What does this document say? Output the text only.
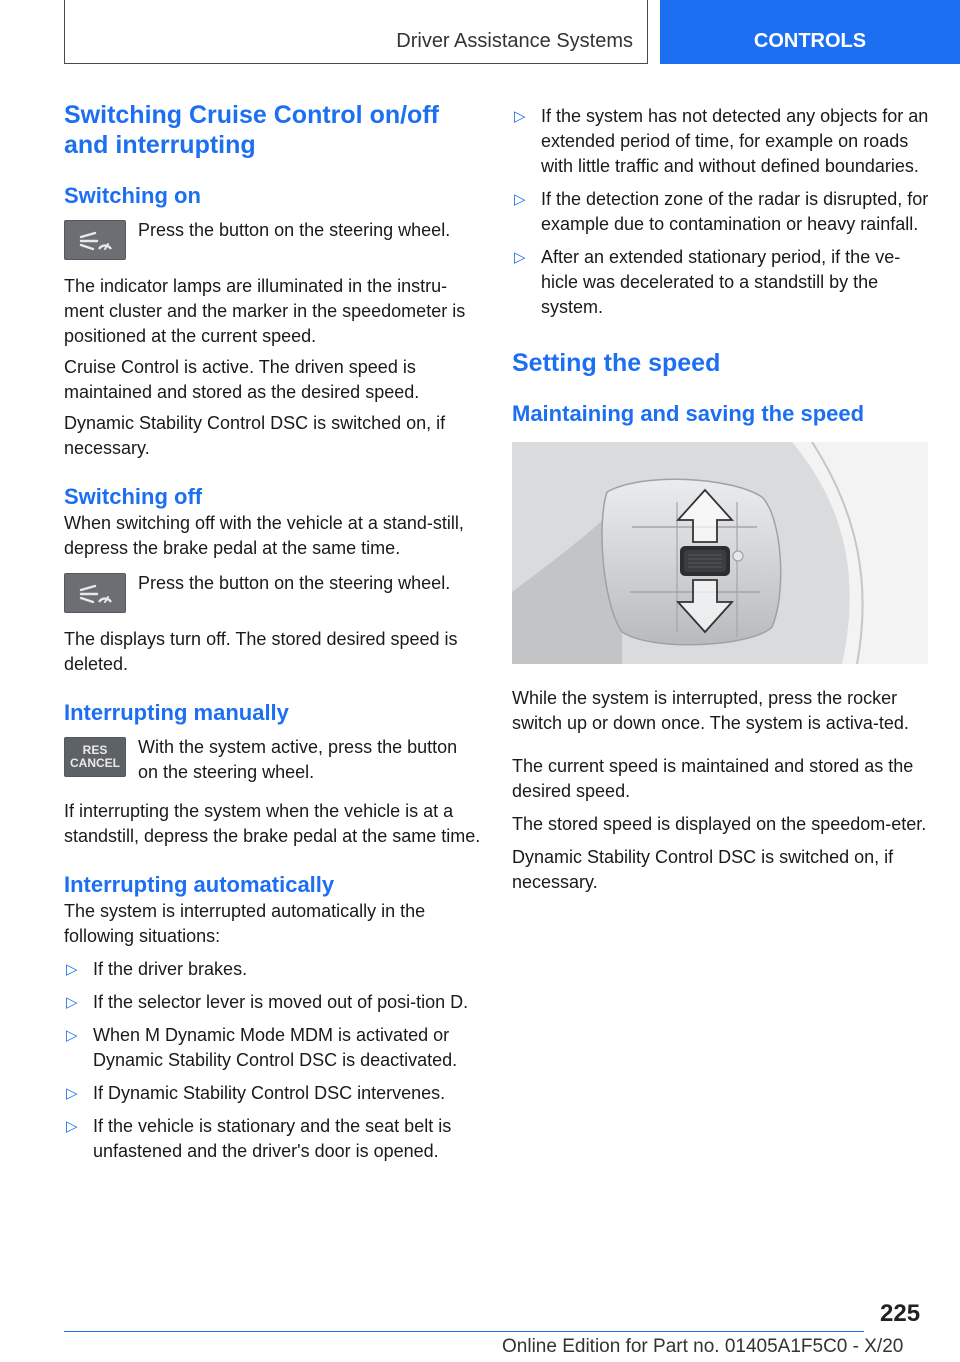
Driver Assistance Systems	CONTROLS
Switching Cruise Control on/off and interrupting
Switching on

Press the button on the steering wheel.

The indicator lamps are illuminated in the instru-ment cluster and the marker in the speedometer is positioned at the current speed.

Cruise Control is active. The driven speed is maintained and stored as the desired speed.

Dynamic Stability Control DSC is switched on, if necessary.

Switching off

When switching off with the vehicle at a stand-still, depress the brake pedal at the same time.

Press the button on the steering wheel.

The displays turn off. The stored desired speed is deleted.

Interrupting manually
RES
CANCEL

With the system active, press the button on the steering wheel.

If interrupting the system when the vehicle is at a standstill, depress the brake pedal at the same time.

Interrupting automatically

The system is interrupted automatically in the following situations:

▷ If the driver brakes.
▷ If the selector lever is moved out of posi-tion D.
▷ When M Dynamic Mode MDM is activated or Dynamic Stability Control DSC is deactivated.
▷ If Dynamic Stability Control DSC intervenes.
▷ If the vehicle is stationary and the seat belt is unfastened and the driver's door is opened.
▷ If the system has not detected any objects for an extended period of time, for example on roads with little traffic and without defined boundaries.
▷ If the detection zone of the radar is disrupted, for example due to contamination or heavy rainfall.
▷ After an extended stationary period, if the ve-hicle was decelerated to a standstill by the system.
Setting the speed
Maintaining and saving the speed

While the system is interrupted, press the rocker switch up or down once. The system is activa-ted.

The current speed is maintained and stored as the desired speed.

The stored speed is displayed on the speedom-eter.

Dynamic Stability Control DSC is switched on, if necessary.

225
Online Edition for Part no. 01405A1F5C0 - X/20
